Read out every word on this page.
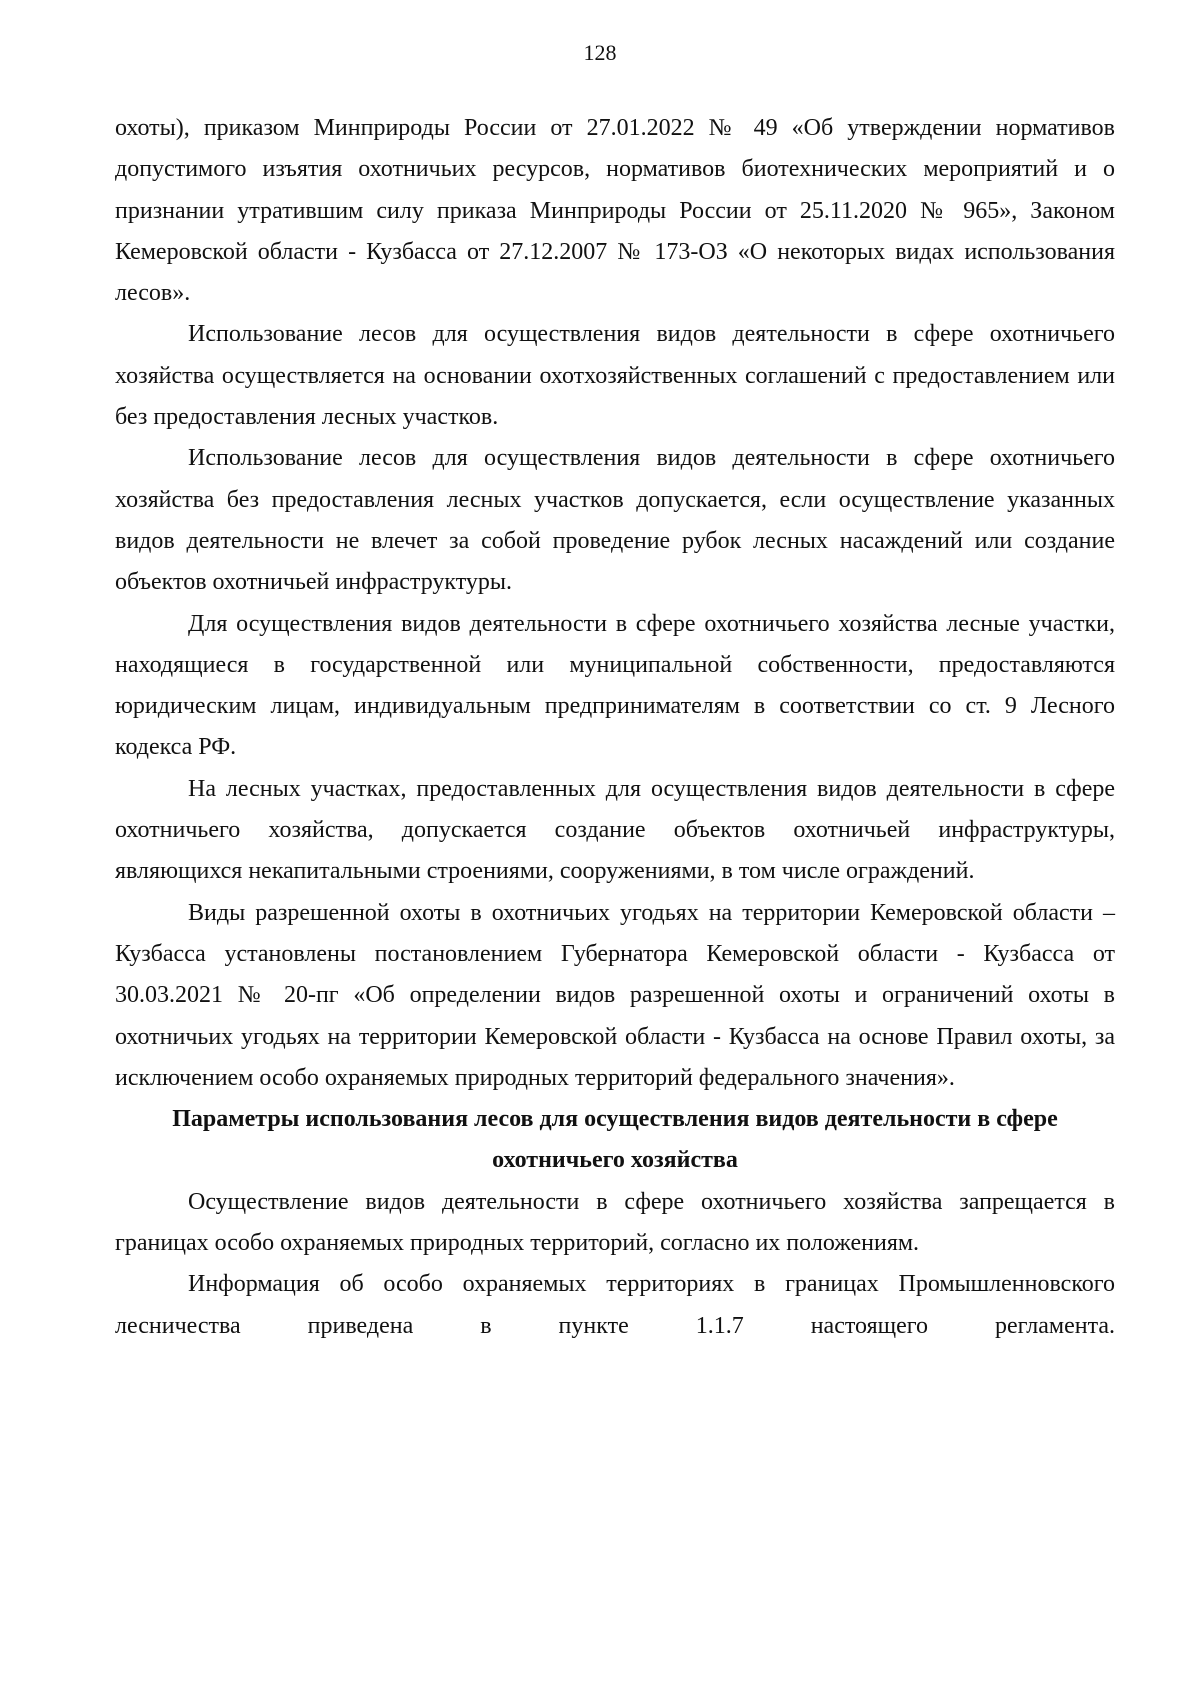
128

охоты), приказом Минприроды России от 27.01.2022 № 49 «Об утверждении нормативов допустимого изъятия охотничьих ресурсов, нормативов биотехнических мероприятий и о признании утратившим силу приказа Минприроды России от 25.11.2020 № 965», Законом Кемеровской области - Кузбасса от 27.12.2007 № 173-ОЗ «О некоторых видах использования лесов».

Использование лесов для осуществления видов деятельности в сфере охотничьего хозяйства осуществляется на основании охотхозяйственных соглашений с предоставлением или без предоставления лесных участков.

Использование лесов для осуществления видов деятельности в сфере охотничьего хозяйства без предоставления лесных участков допускается, если осуществление указанных видов деятельности не влечет за собой проведение рубок лесных насаждений или создание объектов охотничьей инфраструктуры.

Для осуществления видов деятельности в сфере охотничьего хозяйства лесные участки, находящиеся в государственной или муниципальной собственности, предоставляются юридическим лицам, индивидуальным предпринимателям в соответствии со ст. 9 Лесного кодекса РФ.

На лесных участках, предоставленных для осуществления видов деятельности в сфере охотничьего хозяйства, допускается создание объектов охотничьей инфраструктуры, являющихся некапитальными строениями, сооружениями, в том числе ограждений.

Виды разрешенной охоты в охотничьих угодьях на территории Кемеровской области – Кузбасса установлены постановлением Губернатора Кемеровской области - Кузбасса от 30.03.2021 № 20-пг «Об определении видов разрешенной охоты и ограничений охоты в охотничьих угодьях на территории Кемеровской области - Кузбасса на основе Правил охоты, за исключением особо охраняемых природных территорий федерального значения».

Параметры использования лесов для осуществления видов деятельности в сфере охотничьего хозяйства

Осуществление видов деятельности в сфере охотничьего хозяйства запрещается в границах особо охраняемых природных территорий, согласно их положениям.

Информация об особо охраняемых территориях в границах Промышленновского лесничества приведена в пункте 1.1.7 настоящего регламента.
